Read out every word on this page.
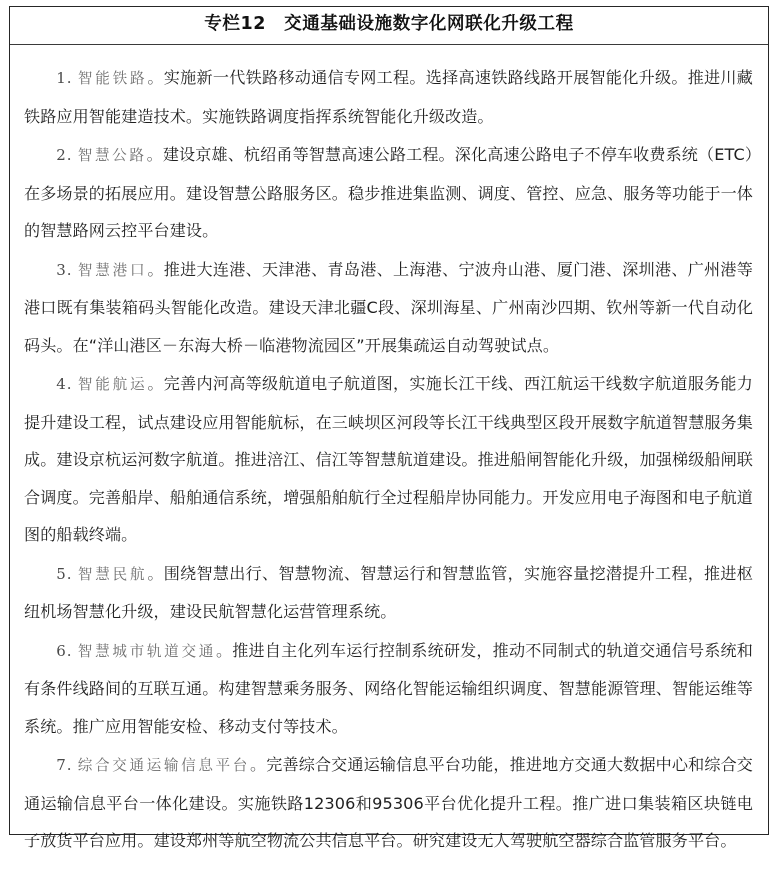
专栏12　交通基础设施数字化网联化升级工程

1. 智能铁路。实施新一代铁路移动通信专网工程。选择高速铁路线路开展智能化升级。推进川藏铁路应用智能建造技术。实施铁路调度指挥系统智能化升级改造。

2. 智慧公路。建设京雄、杭绍甬等智慧高速公路工程。深化高速公路电子不停车收费系统（ETC）在多场景的拓展应用。建设智慧公路服务区。稳步推进集监测、调度、管控、应急、服务等功能于一体的智慧路网云控平台建设。

3. 智慧港口。推进大连港、天津港、青岛港、上海港、宁波舟山港、厦门港、深圳港、广州港等港口既有集装箱码头智能化改造。建设天津北疆C段、深圳海星、广州南沙四期、钦州等新一代自动化码头。在“洋山港区－东海大桥－临港物流园区”开展集疏运自动驾驶试点。

4. 智能航运。完善内河高等级航道电子航道图，实施长江干线、西江航运干线数字航道服务能力提升建设工程，试点建设应用智能航标，在三峡坝区河段等长江干线典型区段开展数字航道智慧服务集成。建设京杭运河数字航道。推进涪江、信江等智慧航道建设。推进船闸智能化升级，加强梯级船闸联合调度。完善船岸、船舶通信系统，增强船舶航行全过程船岸协同能力。开发应用电子海图和电子航道图的船载终端。

5. 智慧民航。围绕智慧出行、智慧物流、智慧运行和智慧监管，实施容量挖潜提升工程，推进枢纽机场智慧化升级，建设民航智慧化运营管理系统。

6. 智慧城市轨道交通。推进自主化列车运行控制系统研发，推动不同制式的轨道交通信号系统和有条件线路间的互联互通。构建智慧乘务服务、网络化智能运输组织调度、智慧能源管理、智能运维等系统。推广应用智能安检、移动支付等技术。

7. 综合交通运输信息平台。完善综合交通运输信息平台功能，推进地方交通大数据中心和综合交通运输信息平台一体化建设。实施铁路12306和95306平台优化提升工程。推广进口集装箱区块链电子放货平台应用。建设郑州等航空物流公共信息平台。研究建设无人驾驶航空器综合监管服务平台。
